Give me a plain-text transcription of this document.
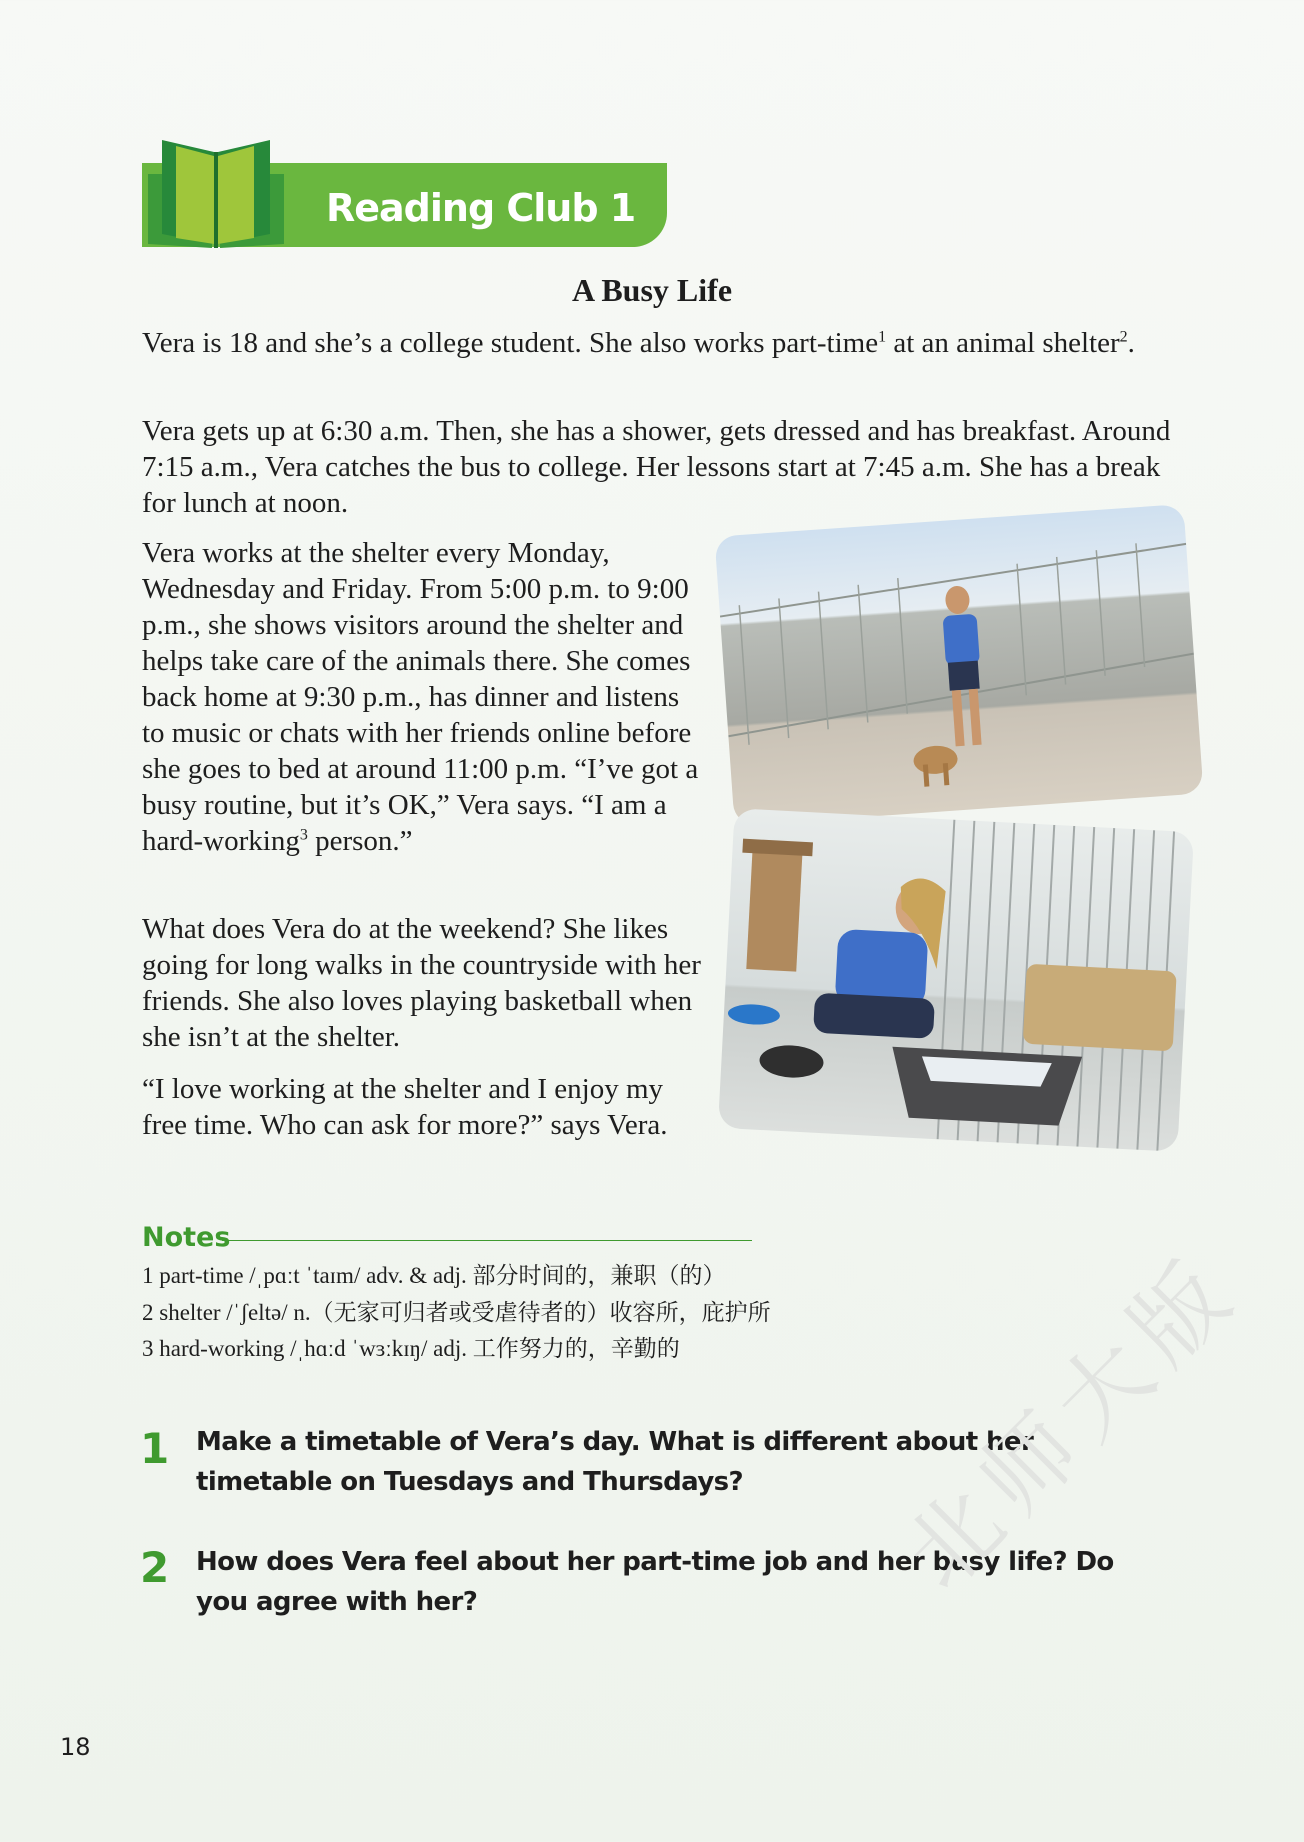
Reading Club 1
A Busy Life

Vera is 18 and she’s a college student. She also works part-time$^1$ at an animal shelter$^2$.

Vera gets up at 6:30 a.m. Then, she has a shower, gets dressed and has breakfast. Around 7:15 a.m., Vera catches the bus to college. Her lessons start at 7:45 a.m. She has a break for lunch at noon.

Vera works at the shelter every Monday, Wednesday and Friday. From 5:00 p.m. to 9:00 p.m., she shows visitors around the shelter and helps take care of the animals there. She comes back home at 9:30 p.m., has dinner and listens to music or chats with her friends online before she goes to bed at around 11:00 p.m. “I’ve got a busy routine, but it’s OK,” Vera says. “I am a hard-working$^3$ person.”

What does Vera do at the weekend? She likes going for long walks in the countryside with her friends. She also loves playing basketball when she isn’t at the shelter.

“I love working at the shelter and I enjoy my free time. Who can ask for more?” says Vera.

Notes
1 part-time /ˌpɑːt ˈtaɪm/ adv. & adj. 部分时间的，兼职（的）
2 shelter /ˈʃeltə/ n.（无家可归者或受虐待者的）收容所，庇护所
3 hard-working /ˌhɑːd ˈwɜːkɪŋ/ adj. 工作努力的，辛勤的
1 Make a timetable of Vera’s day. What is different about her timetable on Tuesdays and Thursdays?

2 How does Vera feel about her part-time job and her busy life? Do you agree with her?

18
北师大版
